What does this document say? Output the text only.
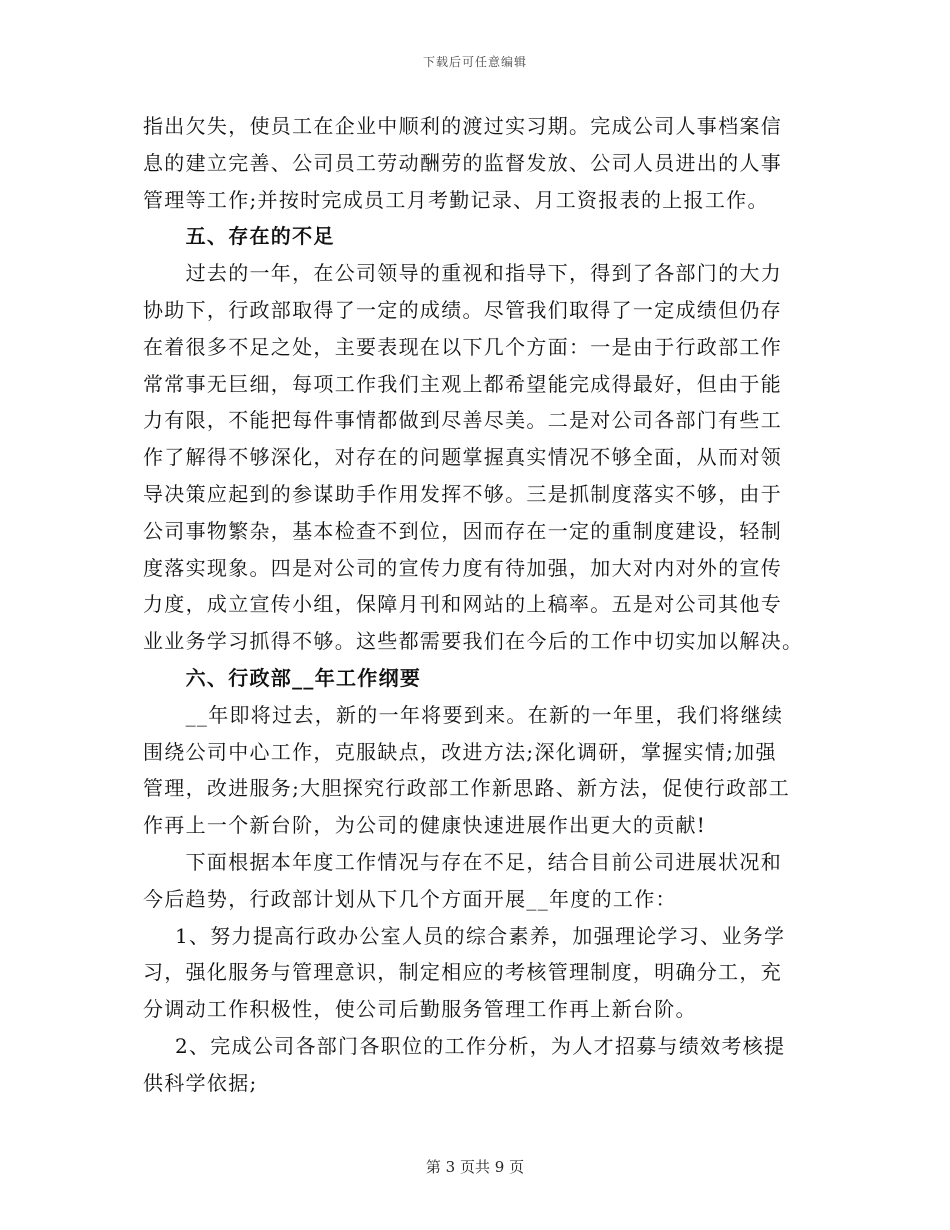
下载后可任意编辑
指出欠失，使员工在企业中顺利的渡过实习期。完成公司人事档案信
息的建立完善、公司员工劳动酬劳的监督发放、公司人员进出的人事
管理等工作;并按时完成员工月考勤记录、月工资报表的上报工作。
五、存在的不足
过去的一年，在公司领导的重视和指导下，得到了各部门的大力
协助下，行政部取得了一定的成绩。尽管我们取得了一定成绩但仍存
在着很多不足之处，主要表现在以下几个方面：一是由于行政部工作
常常事无巨细，每项工作我们主观上都希望能完成得最好，但由于能
力有限，不能把每件事情都做到尽善尽美。二是对公司各部门有些工
作了解得不够深化，对存在的问题掌握真实情况不够全面，从而对领
导决策应起到的参谋助手作用发挥不够。三是抓制度落实不够，由于
公司事物繁杂，基本检查不到位，因而存在一定的重制度建设，轻制
度落实现象。四是对公司的宣传力度有待加强，加大对内对外的宣传
力度，成立宣传小组，保障月刊和网站的上稿率。五是对公司其他专
业业务学习抓得不够。这些都需要我们在今后的工作中切实加以解决。
六、行政部__年工作纲要
__年即将过去，新的一年将要到来。在新的一年里，我们将继续
围绕公司中心工作，克服缺点，改进方法;深化调研，掌握实情;加强
管理，改进服务;大胆探究行政部工作新思路、新方法，促使行政部工
作再上一个新台阶，为公司的健康快速进展作出更大的贡献!
下面根据本年度工作情况与存在不足，结合目前公司进展状况和
今后趋势，行政部计划从下几个方面开展__年度的工作：
1、努力提高行政办公室人员的综合素养，加强理论学习、业务学
习，强化服务与管理意识，制定相应的考核管理制度，明确分工，充
分调动工作积极性，使公司后勤服务管理工作再上新台阶。
2、完成公司各部门各职位的工作分析，为人才招募与绩效考核提
供科学依据;
第 3 页共 9 页
